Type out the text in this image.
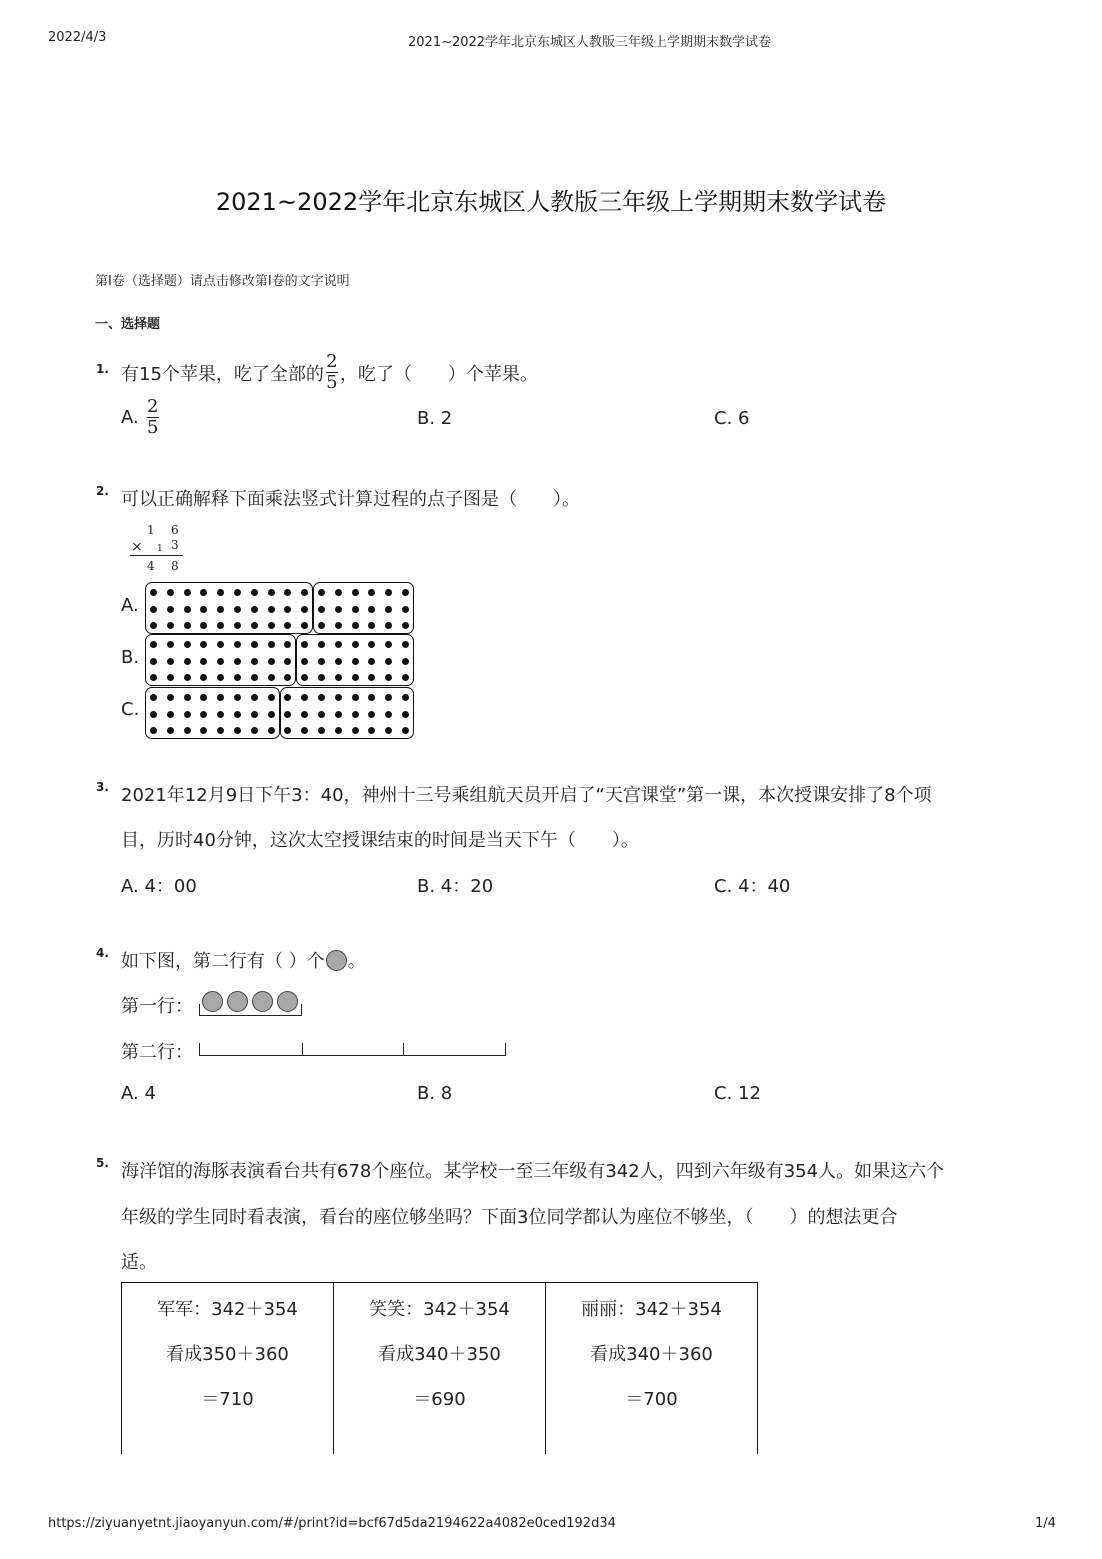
2022/4/3	2021~2022学年北京东城区人教版三年级上学期期末数学试卷
2021~2022学年北京东城区人教版三年级上学期期末数学试卷
第I卷（选择题）请点击修改第I卷的文字说明
一、选择题
1. 有15个苹果，吃了全部的 $\frac{2}{5}$ ，吃了（　　）个苹果。
A. $\frac{2}{5}$	B. 2	C. 6
2. 可以正确解释下面乘法竖式计算过程的点子图是（　　）。
1 6
× 1 3
4 8
A.
B.
C.
3. 2021年12月9日下午3：40，神州十三号乘组航天员开启了“天宫课堂”第一课，本次授课安排了8个项
目，历时40分钟，这次太空授课结束的时间是当天下午（　　）。
A. 4：00	B. 4：20	C. 4：40
4. 如下图，第二行有（ ）个 。
第一行：
第二行：
A. 4	B. 8	C. 12
5. 海洋馆的海豚表演看台共有678个座位。某学校一至三年级有342人，四到六年级有354人。如果这六个
年级的学生同时看表演，看台的座位够坐吗？下面3位同学都认为座位不够坐，（　　）的想法更合
适。
军军：342＋354
看成350＋360
＝710

笑笑：342＋354
看成340＋350
＝690

丽丽：342＋354
看成340＋360
＝700
https://ziyuanyetnt.jiaoyanyun.com/#/print?id=bcf67d5da2194622a4082e0ced192d34	1/4
